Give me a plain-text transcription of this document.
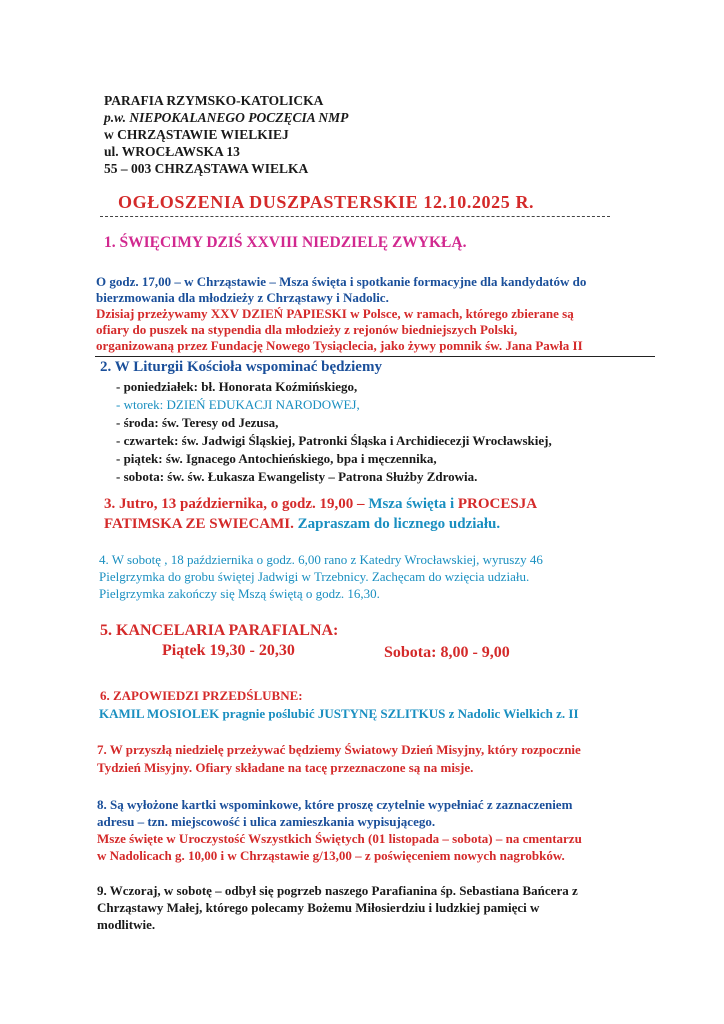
PARAFIA RZYMSKO-KATOLICKA
p.w. NIEPOKALANEGO POCZĘCIA NMP
w CHRZĄSTAWIE WIELKIEJ
ul. WROCŁAWSKA 13
55 – 003 CHRZĄSTAWA WIELKA
OGŁOSZENIA DUSZPASTERSKIE 12.10.2025 R.
1. ŚWIĘCIMY DZIŚ XXVIII NIEDZIELĘ ZWYKŁĄ.
O godz. 17,00 – w Chrząstawie – Msza święta i spotkanie formacyjne dla kandydatów do
bierzmowania dla młodzieży z Chrząstawy i Nadolic.
Dzisiaj przeżywamy XXV DZIEŃ PAPIESKI w Polsce, w ramach, którego zbierane są
ofiary do puszek na stypendia dla młodzieży z rejonów biedniejszych Polski,
organizowaną przez Fundację Nowego Tysiąclecia, jako żywy pomnik św. Jana Pawła II
2. W Liturgii Kościoła wspominać będziemy
- poniedziałek: bł. Honorata Koźmińskiego,
- wtorek: DZIEŃ EDUKACJI NARODOWEJ,
- środa: św. Teresy od Jezusa,
- czwartek: św. Jadwigi Śląskiej, Patronki Śląska i Archidiecezji Wrocławskiej,
- piątek: św. Ignacego Antochieńskiego, bpa i męczennika,
- sobota: św. św. Łukasza Ewangelisty – Patrona Służby Zdrowia.
3. Jutro, 13 października, o godz. 19,00 – Msza święta i PROCESJA
FATIMSKA ZE SWIECAMI. Zapraszam do licznego udziału.
4. W sobotę , 18 października o godz. 6,00 rano z Katedry Wrocławskiej, wyruszy 46
Pielgrzymka do grobu świętej Jadwigi w Trzebnicy. Zachęcam do wzięcia udziału.
Pielgrzymka zakończy się Mszą świętą o godz. 16,30.
5. KANCELARIA PARAFIALNA:
Piątek 19,30 - 20,30	Sobota: 8,00 - 9,00
6. ZAPOWIEDZI PRZEDŚLUBNE:
KAMIL MOSIOLEK pragnie poślubić JUSTYNĘ SZLITKUS z Nadolic Wielkich z. II
7. W przyszłą niedzielę przeżywać będziemy Światowy Dzień Misyjny, który rozpocznie
Tydzień Misyjny. Ofiary składane na tacę przeznaczone są na misje.
8. Są wyłożone kartki wspominkowe, które proszę czytelnie wypełniać z zaznaczeniem
adresu – tzn. miejscowość i ulica zamieszkania wypisującego.
Msze święte w Uroczystość Wszystkich Świętych (01 listopada – sobota) – na cmentarzu
w Nadolicach g. 10,00 i w Chrząstawie g/13,00 – z poświęceniem nowych nagrobków.
9. Wczoraj, w sobotę – odbył się pogrzeb naszego Parafianina śp. Sebastiana Bańcera z
Chrząstawy Małej, którego polecamy Bożemu Miłosierdziu i ludzkiej pamięci w
modlitwie.
